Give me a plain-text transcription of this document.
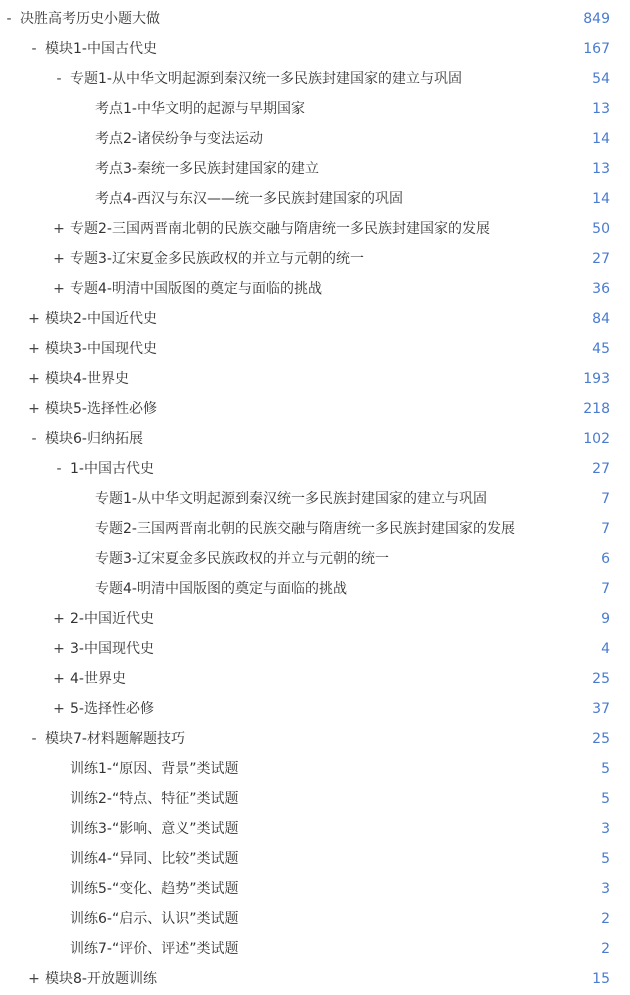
- 决胜高考历史小题大做	849
- 模块1-中国古代史	167
- 专题1-从中华文明起源到秦汉统一多民族封建国家的建立与巩固	54
考点1-中华文明的起源与早期国家	13
考点2-诸侯纷争与变法运动	14
考点3-秦统一多民族封建国家的建立	13
考点4-西汉与东汉——统一多民族封建国家的巩固	14
+ 专题2-三国两晋南北朝的民族交融与隋唐统一多民族封建国家的发展	50
+ 专题3-辽宋夏金多民族政权的并立与元朝的统一	27
+ 专题4-明清中国版图的奠定与面临的挑战	36
+ 模块2-中国近代史	84
+ 模块3-中国现代史	45
+ 模块4-世界史	193
+ 模块5-选择性必修	218
- 模块6-归纳拓展	102
- 1-中国古代史	27
专题1-从中华文明起源到秦汉统一多民族封建国家的建立与巩固	7
专题2-三国两晋南北朝的民族交融与隋唐统一多民族封建国家的发展	7
专题3-辽宋夏金多民族政权的并立与元朝的统一	6
专题4-明清中国版图的奠定与面临的挑战	7
+ 2-中国近代史	9
+ 3-中国现代史	4
+ 4-世界史	25
+ 5-选择性必修	37
- 模块7-材料题解题技巧	25
训练1-“原因、背景”类试题	5
训练2-“特点、特征”类试题	5
训练3-“影响、意义”类试题	3
训练4-“异同、比较”类试题	5
训练5-“变化、趋势”类试题	3
训练6-“启示、认识”类试题	2
训练7-“评价、评述”类试题	2
+ 模块8-开放题训练	15
